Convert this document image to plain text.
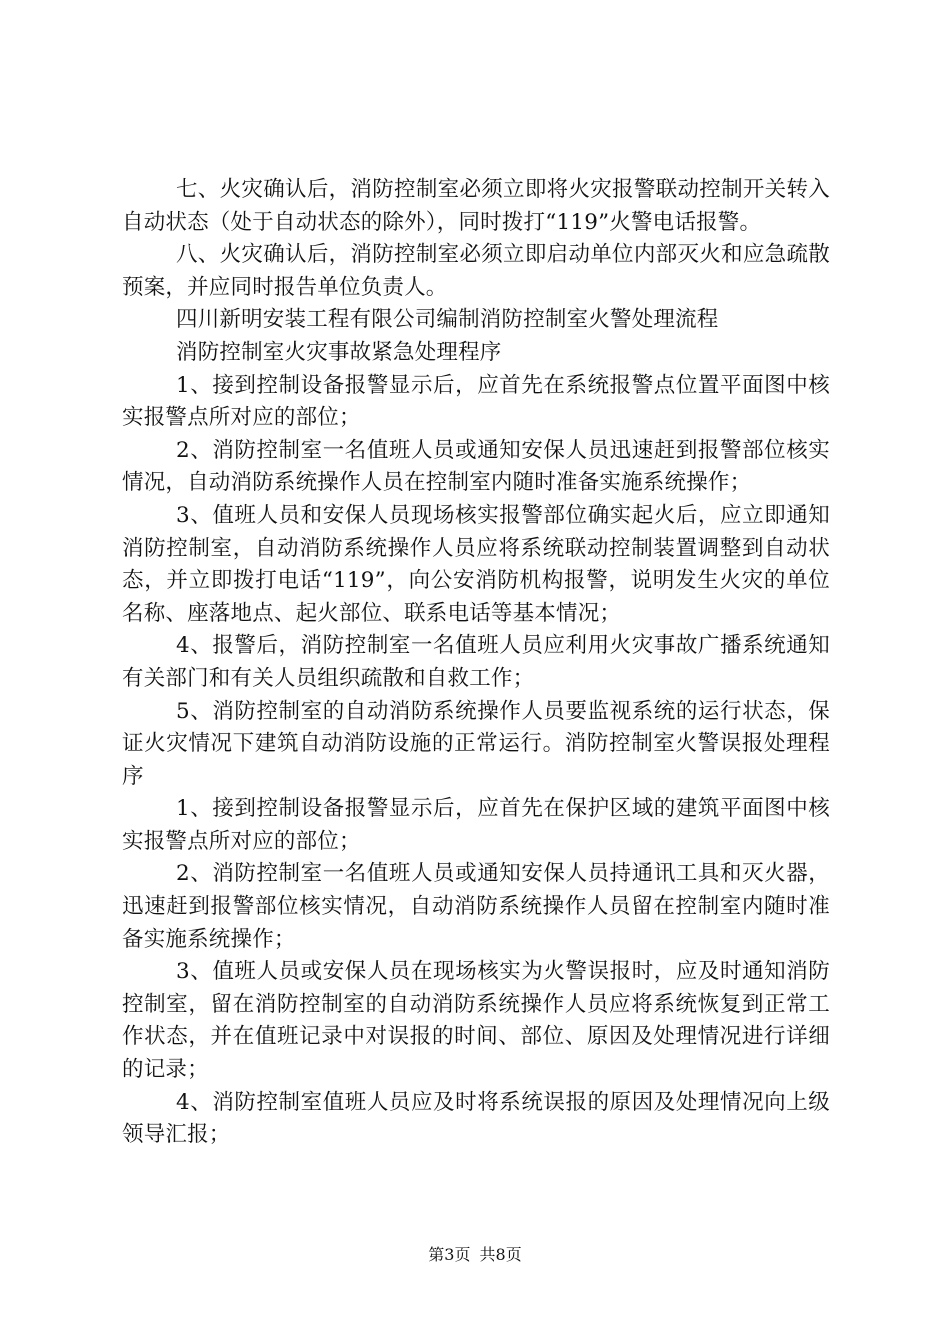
七、火灾确认后，消防控制室必须立即将火灾报警联动控制开关转入自动状态（处于自动状态的除外），同时拨打“119”火警电话报警。

八、火灾确认后，消防控制室必须立即启动单位内部灭火和应急疏散预案，并应同时报告单位负责人。

四川新明安装工程有限公司编制消防控制室火警处理流程

消防控制室火灾事故紧急处理程序

1、接到控制设备报警显示后，应首先在系统报警点位置平面图中核实报警点所对应的部位；

2、消防控制室一名值班人员或通知安保人员迅速赶到报警部位核实情况，自动消防系统操作人员在控制室内随时准备实施系统操作；

3、值班人员和安保人员现场核实报警部位确实起火后，应立即通知消防控制室，自动消防系统操作人员应将系统联动控制装置调整到自动状态，并立即拨打电话“119”，向公安消防机构报警，说明发生火灾的单位名称、座落地点、起火部位、联系电话等基本情况；

4、报警后，消防控制室一名值班人员应利用火灾事故广播系统通知有关部门和有关人员组织疏散和自救工作；

5、消防控制室的自动消防系统操作人员要监视系统的运行状态，保证火灾情况下建筑自动消防设施的正常运行。消防控制室火警误报处理程序

1、接到控制设备报警显示后，应首先在保护区域的建筑平面图中核实报警点所对应的部位；

2、消防控制室一名值班人员或通知安保人员持通讯工具和灭火器，迅速赶到报警部位核实情况，自动消防系统操作人员留在控制室内随时准备实施系统操作；

3、值班人员或安保人员在现场核实为火警误报时，应及时通知消防控制室，留在消防控制室的自动消防系统操作人员应将系统恢复到正常工作状态，并在值班记录中对误报的时间、部位、原因及处理情况进行详细的记录；

4、消防控制室值班人员应及时将系统误报的原因及处理情况向上级领导汇报；

第3页 共8页
